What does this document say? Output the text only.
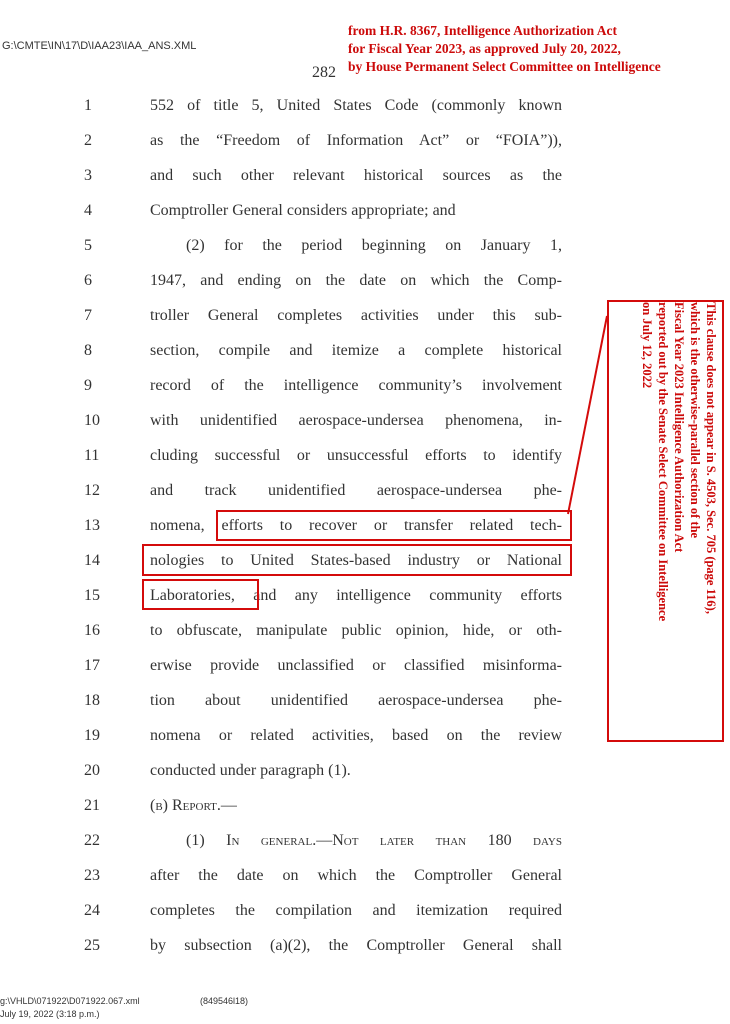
G:\CMTE\IN\17\D\IAA23\IAA_ANS.XML
282
from H.R. 8367, Intelligence Authorization Act
for Fiscal Year 2023, as approved July 20, 2022,
by House Permanent Select Committee on Intelligence
1	552 of title 5, United States Code (commonly known
2	as the “Freedom of Information Act” or “FOIA”)),
3	and such other relevant historical sources as the
4	Comptroller General considers appropriate; and
5	(2) for the period beginning on January 1,
6	1947, and ending on the date on which the Comp-
7	troller General completes activities under this sub-
8	section, compile and itemize a complete historical
9	record of the intelligence community’s involvement
10	with unidentified aerospace-undersea phenomena, in-
11	cluding successful or unsuccessful efforts to identify
12	and track unidentified aerospace-undersea phe-
13	nomena, efforts to recover or transfer related tech-
14	nologies to United States-based industry or National
15	Laboratories, and any intelligence community efforts
16	to obfuscate, manipulate public opinion, hide, or oth-
17	erwise provide unclassified or classified misinforma-
18	tion about unidentified aerospace-undersea phe-
19	nomena or related activities, based on the review
20	conducted under paragraph (1).
21	(b) Report.—
22	(1) In general.—Not later than 180 days
23	after the date on which the Comptroller General
24	completes the compilation and itemization required
25	by subsection (a)(2), the Comptroller General shall
This clause does not appear in S. 4503, Sec. 705 (page 116),
which is the otherwise-parallel section of the
Fiscal Year 2023 Intelligence Authorization Act
reported out by the Senate Select Committee on Intelligence
on July 12, 2022
g:\VHLD\071922\D071922.067.xml	(849546l18)
July 19, 2022 (3:18 p.m.)
